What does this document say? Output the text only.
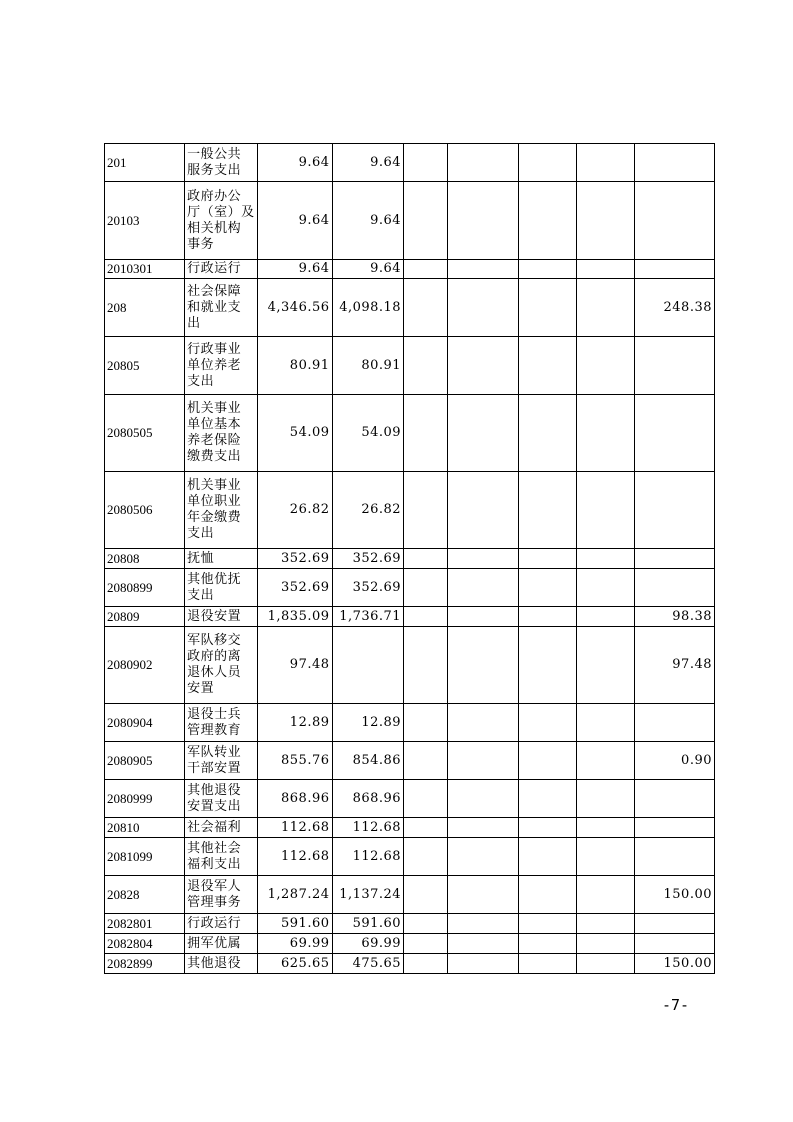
201	一般公共
服务支出	9.64	9.64					
20103	政府办公
厅（室）及
相关机构
事务	9.64	9.64					
2010301	行政运行	9.64	9.64					
208	社会保障
和就业支
出	4,346.56	4,098.18					248.38
20805	行政事业
单位养老
支出	80.91	80.91					
2080505	机关事业
单位基本
养老保险
缴费支出	54.09	54.09					
2080506	机关事业
单位职业
年金缴费
支出	26.82	26.82					
20808	抚恤	352.69	352.69					
2080899	其他优抚
支出	352.69	352.69					
20809	退役安置	1,835.09	1,736.71					98.38
2080902	军队移交
政府的离
退休人员
安置	97.48						97.48
2080904	退役士兵
管理教育	12.89	12.89					
2080905	军队转业
干部安置	855.76	854.86					0.90
2080999	其他退役
安置支出	868.96	868.96					
20810	社会福利	112.68	112.68					
2081099	其他社会
福利支出	112.68	112.68					
20828	退役军人
管理事务	1,287.24	1,137.24					150.00
2082801	行政运行	591.60	591.60					
2082804	拥军优属	69.99	69.99					
2082899	其他退役	625.65	475.65					150.00
-7-
